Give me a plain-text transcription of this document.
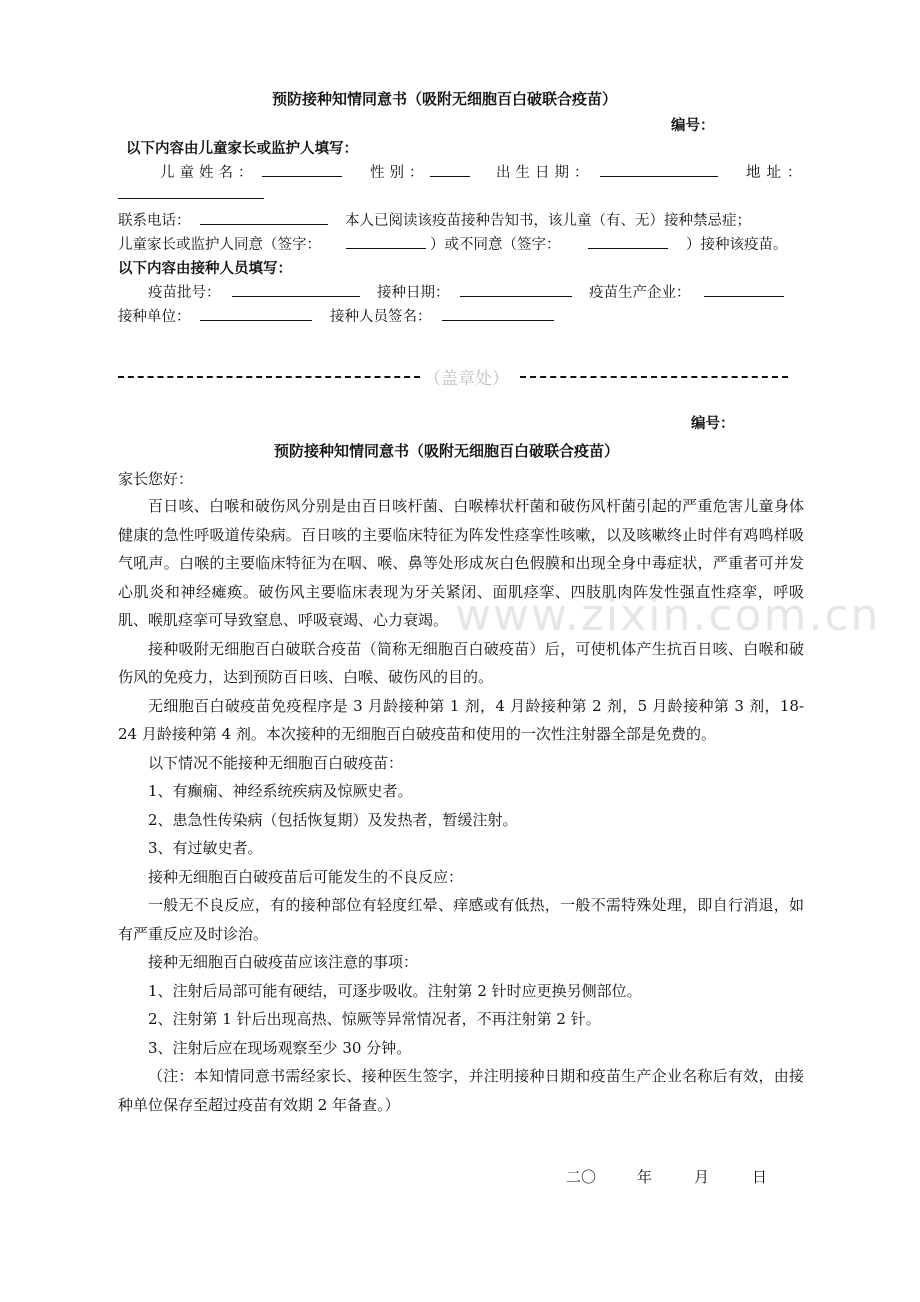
预防接种知情同意书（吸附无细胞百白破联合疫苗）
编号：
以下内容由儿童家长或监护人填写：
儿童姓名：	性别：	出生日期：	地址：
联系电话：	本人已阅读该疫苗接种告知书，该儿童（有、无）接种禁忌症；
儿童家长或监护人同意（签字：	）或不同意（签字：	）接种该疫苗。
以下内容由接种人员填写：
疫苗批号：	接种日期：	疫苗生产企业：
接种单位：	接种人员签名：
（盖章处）
编号：
预防接种知情同意书（吸附无细胞百白破联合疫苗）
家长您好：
www.zixin.com.cn

百日咳、白喉和破伤风分别是由百日咳杆菌、白喉棒状杆菌和破伤风杆菌引起的严重危害儿童身体健康的急性呼吸道传染病。百日咳的主要临床特征为阵发性痉挛性咳嗽，以及咳嗽终止时伴有鸡鸣样吸气吼声。白喉的主要临床特征为在咽、喉、鼻等处形成灰白色假膜和出现全身中毒症状，严重者可并发心肌炎和神经瘫痪。破伤风主要临床表现为牙关紧闭、面肌痉挛、四肢肌肉阵发性强直性痉挛，呼吸肌、喉肌痉挛可导致窒息、呼吸衰竭、心力衰竭。

接种吸附无细胞百白破联合疫苗（简称无细胞百白破疫苗）后，可使机体产生抗百日咳、白喉和破伤风的免疫力，达到预防百日咳、白喉、破伤风的目的。

无细胞百白破疫苗免疫程序是 3 月龄接种第 1 剂，4 月龄接种第 2 剂，5 月龄接种第 3 剂，18-24 月龄接种第 4 剂。本次接种的无细胞百白破疫苗和使用的一次性注射器全部是免费的。

以下情况不能接种无细胞百白破疫苗：

1、有癫痫、神经系统疾病及惊厥史者。

2、患急性传染病（包括恢复期）及发热者，暂缓注射。

3、有过敏史者。

接种无细胞百白破疫苗后可能发生的不良反应：

一般无不良反应，有的接种部位有轻度红晕、痒感或有低热，一般不需特殊处理，即自行消退，如有严重反应及时诊治。

接种无细胞百白破疫苗应该注意的事项：

1、注射后局部可能有硬结，可逐步吸收。注射第 2 针时应更换另侧部位。

2、注射第 1 针后出现高热、惊厥等异常情况者，不再注射第 2 针。

3、注射后应在现场观察至少 30 分钟。

（注：本知情同意书需经家长、接种医生签字，并注明接种日期和疫苗生产企业名称后有效，由接种单位保存至超过疫苗有效期 2 年备查。）

二〇	年	月	日
